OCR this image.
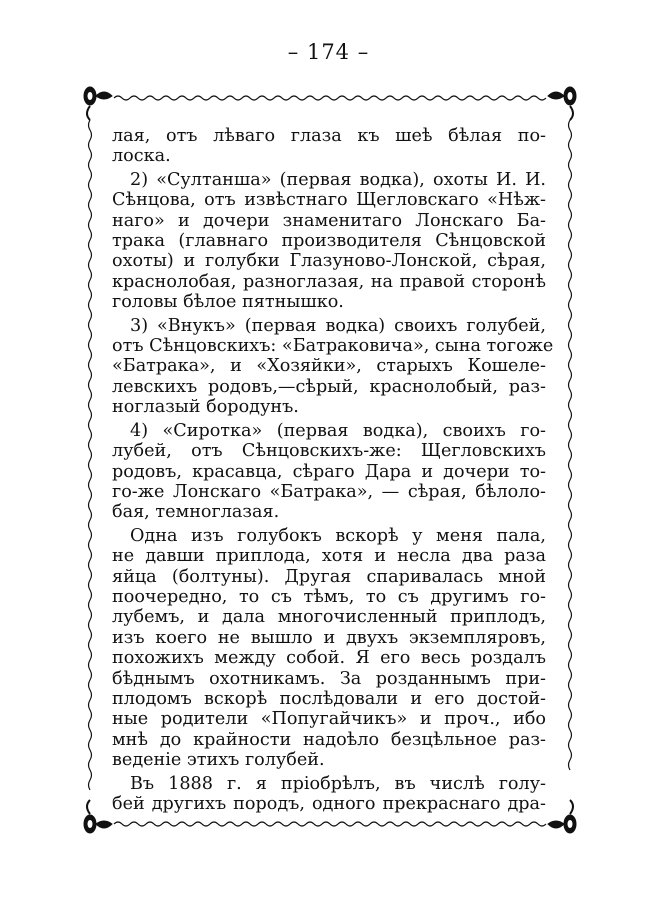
– 174 –

лая, отъ лѣваго глаза къ шеѣ бѣлая по-

лоска.

2) «Султанша» (первая водка), охоты И. И.

Сѣнцова, отъ извѣстнаго Щегловскаго «Нѣж-

наго» и дочери знаменитаго Лонскаго Ба-

трака (главнаго производителя Сѣнцовской

охоты) и голубки Глазуново-Лонской, сѣрая,

краснолобая, разноглазая, на правой сторонѣ

головы бѣлое пятнышко.

3) «Внукъ» (первая водка) своихъ голубей,

отъ Сѣнцовскихъ: «Батраковича», сына тогоже

«Батрака», и «Хозяйки», старыхъ Кошеле-

левскихъ родовъ,—сѣрый, краснолобый, раз-

ноглазый бородунъ.

4) «Сиротка» (первая водка), своихъ го-

лубей, отъ Сѣнцовскихъ-же: Щегловскихъ

родовъ, красавца, сѣраго Дара и дочери то-

го-же Лонскаго «Батрака», — сѣрая, бѣлоло-

бая, темноглазая.

Одна изъ голубокъ вскорѣ у меня пала,

не давши приплода, хотя и несла два раза

яйца (болтуны). Другая спаривалась мной

поочередно, то съ тѣмъ, то съ другимъ го-

лубемъ, и дала многочисленный приплодъ,

изъ коего не вышло и двухъ экземпляровъ,

похожихъ между собой. Я его весь роздалъ

бѣднымъ охотникамъ. За розданнымъ при-

плодомъ вскорѣ послѣдовали и его достой-

ные родители «Попугайчикъ» и проч., ибо

мнѣ до крайности надоѣло безцѣльное раз-

веденіе этихъ голубей.

Въ 1888 г. я пріобрѣлъ, въ числѣ голу-

бей другихъ породъ, одного прекраснаго дра-
